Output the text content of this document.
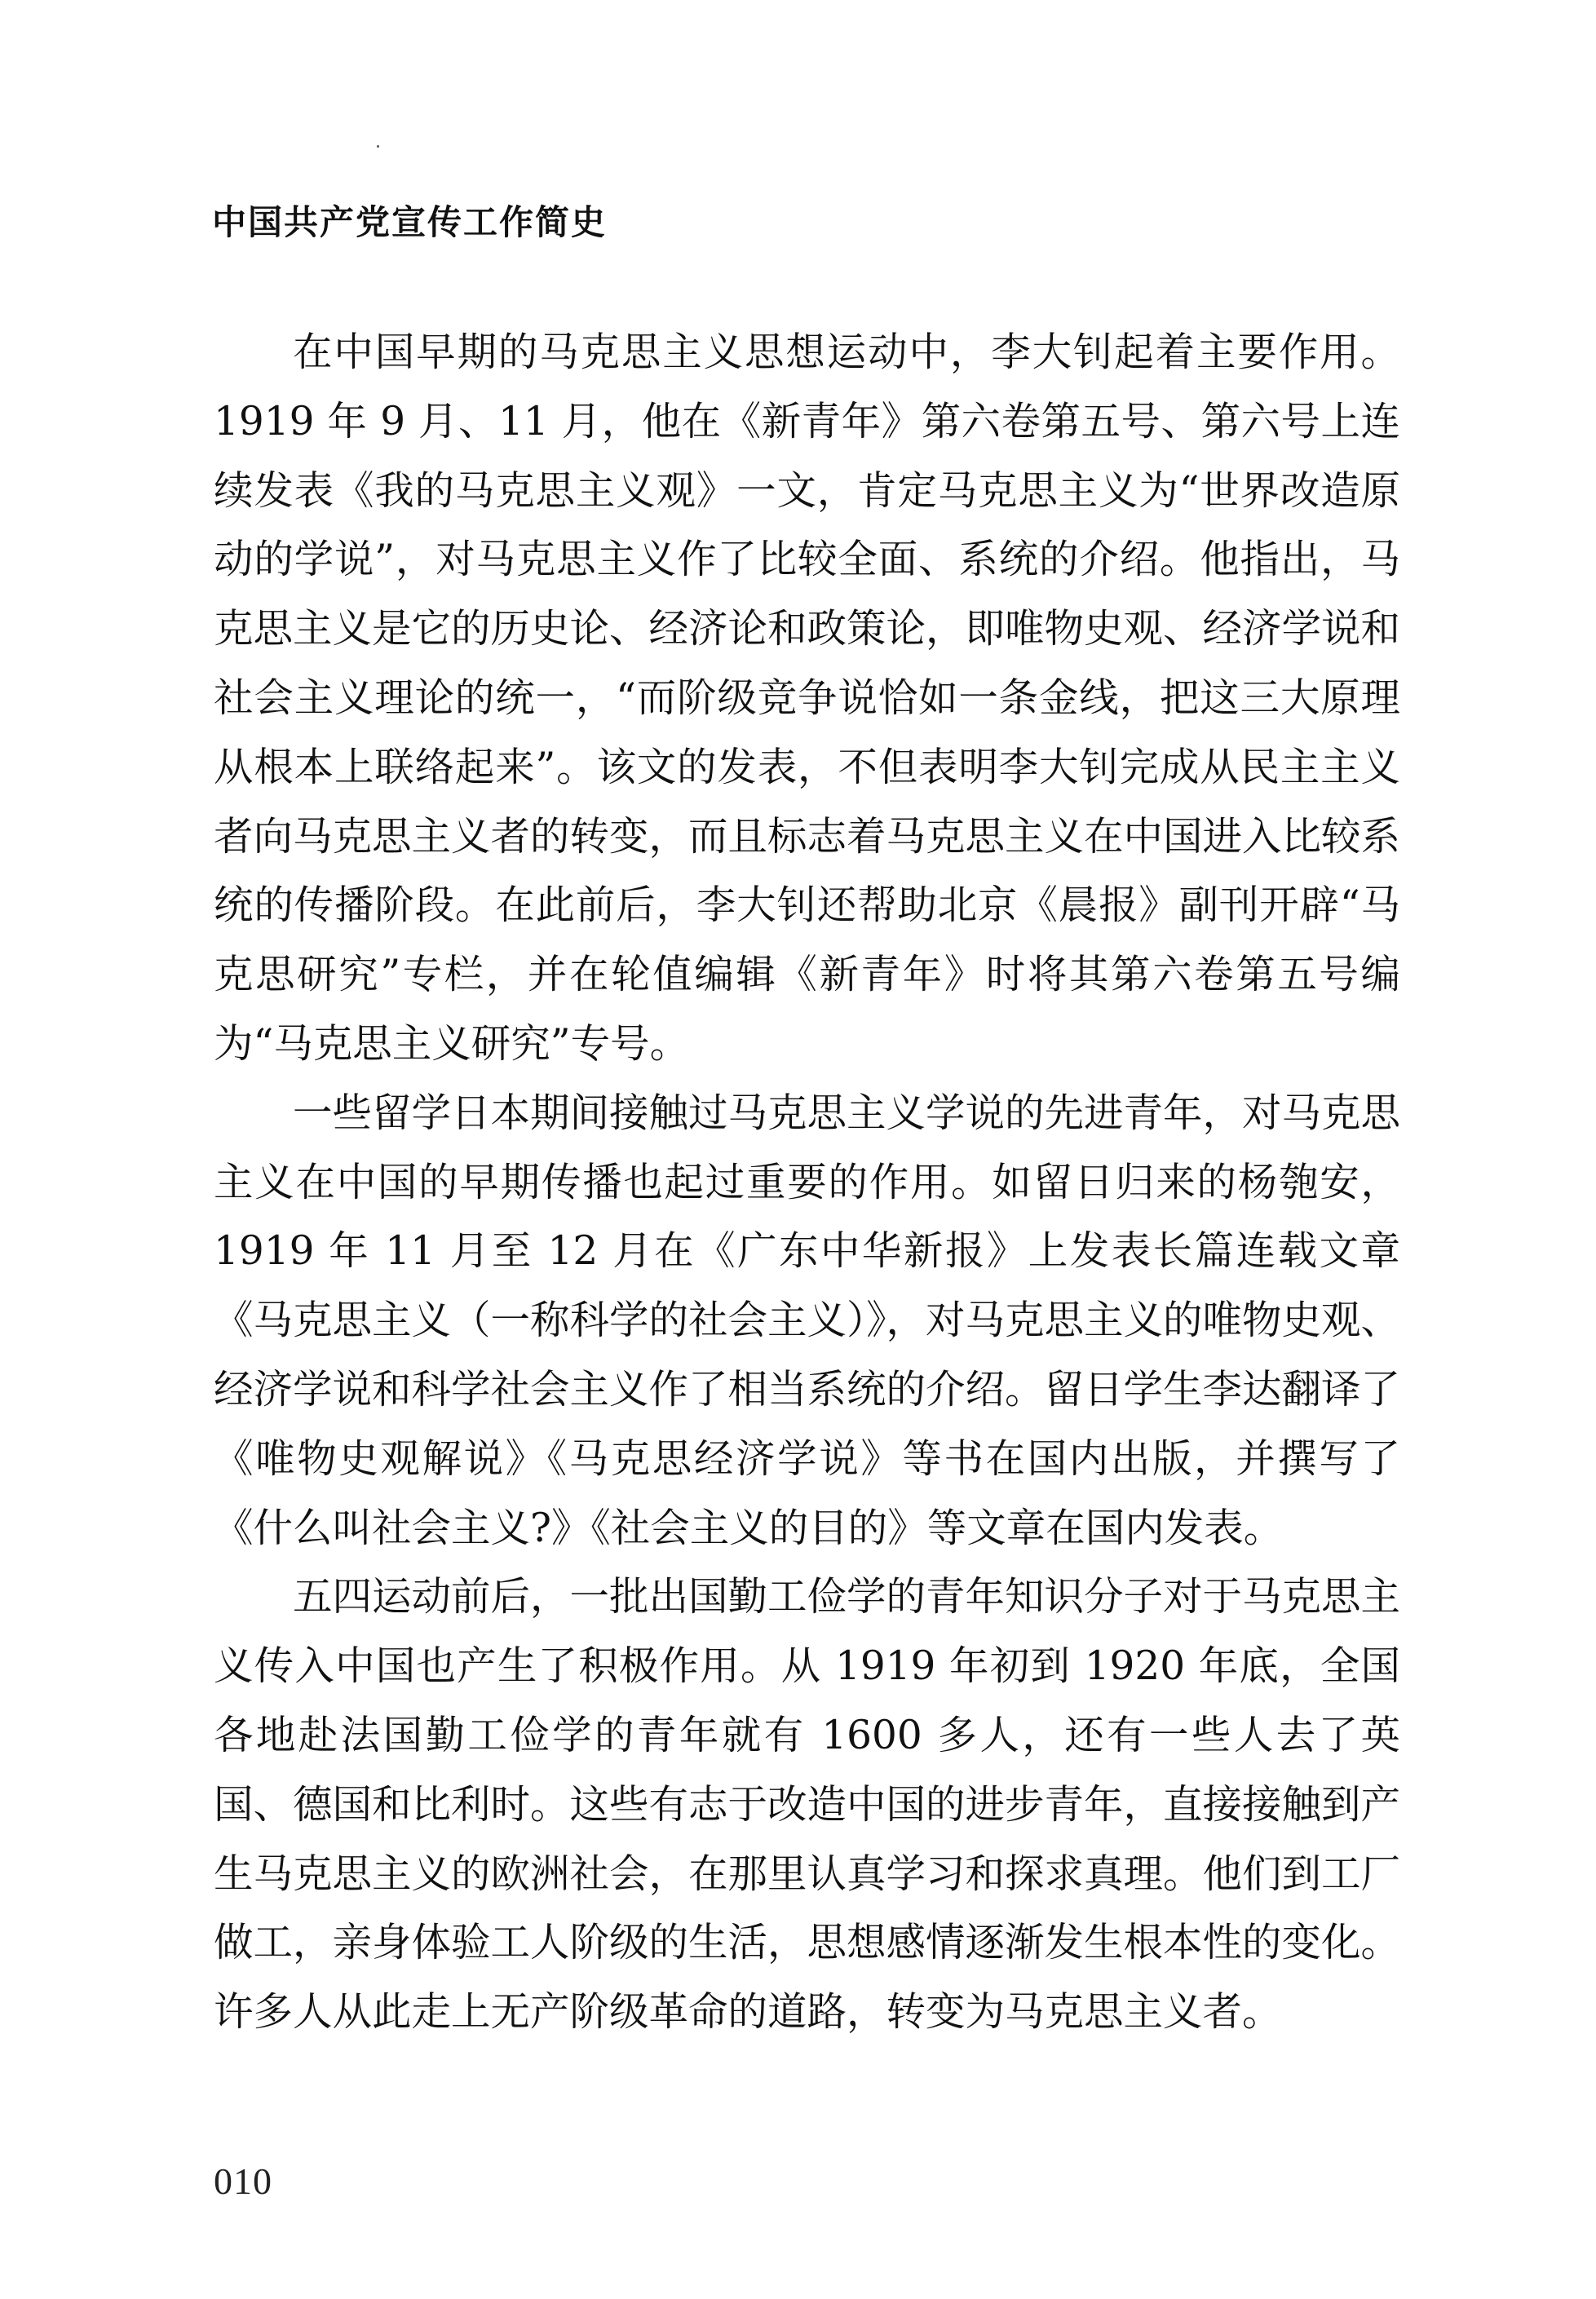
中国共产党宣传工作简史

在中国早期的马克思主义思想运动中，李大钊起着主要作用。1919 年 9 月、11 月，他在《新青年》第六卷第五号、第六号上连续发表《我的马克思主义观》一文，肯定马克思主义为“世界改造原动的学说”，对马克思主义作了比较全面、系统的介绍。他指出，马克思主义是它的历史论、经济论和政策论，即唯物史观、经济学说和社会主义理论的统一，“而阶级竞争说恰如一条金线，把这三大原理从根本上联络起来”。该文的发表，不但表明李大钊完成从民主主义者向马克思主义者的转变，而且标志着马克思主义在中国进入比较系统的传播阶段。在此前后，李大钊还帮助北京《晨报》副刊开辟“马克思研究”专栏，并在轮值编辑《新青年》时将其第六卷第五号编为“马克思主义研究”专号。

一些留学日本期间接触过马克思主义学说的先进青年，对马克思主义在中国的早期传播也起过重要的作用。如留日归来的杨匏安，1919 年 11 月至 12 月在《广东中华新报》上发表长篇连载文章《马克思主义（一称科学的社会主义）》，对马克思主义的唯物史观、经济学说和科学社会主义作了相当系统的介绍。留日学生李达翻译了《唯物史观解说》《马克思经济学说》等书在国内出版，并撰写了《什么叫社会主义?》《社会主义的目的》等文章在国内发表。

五四运动前后，一批出国勤工俭学的青年知识分子对于马克思主义传入中国也产生了积极作用。从 1919 年初到 1920 年底，全国各地赴法国勤工俭学的青年就有 1600 多人，还有一些人去了英国、德国和比利时。这些有志于改造中国的进步青年，直接接触到产生马克思主义的欧洲社会，在那里认真学习和探求真理。他们到工厂做工，亲身体验工人阶级的生活，思想感情逐渐发生根本性的变化。许多人从此走上无产阶级革命的道路，转变为马克思主义者。

010
